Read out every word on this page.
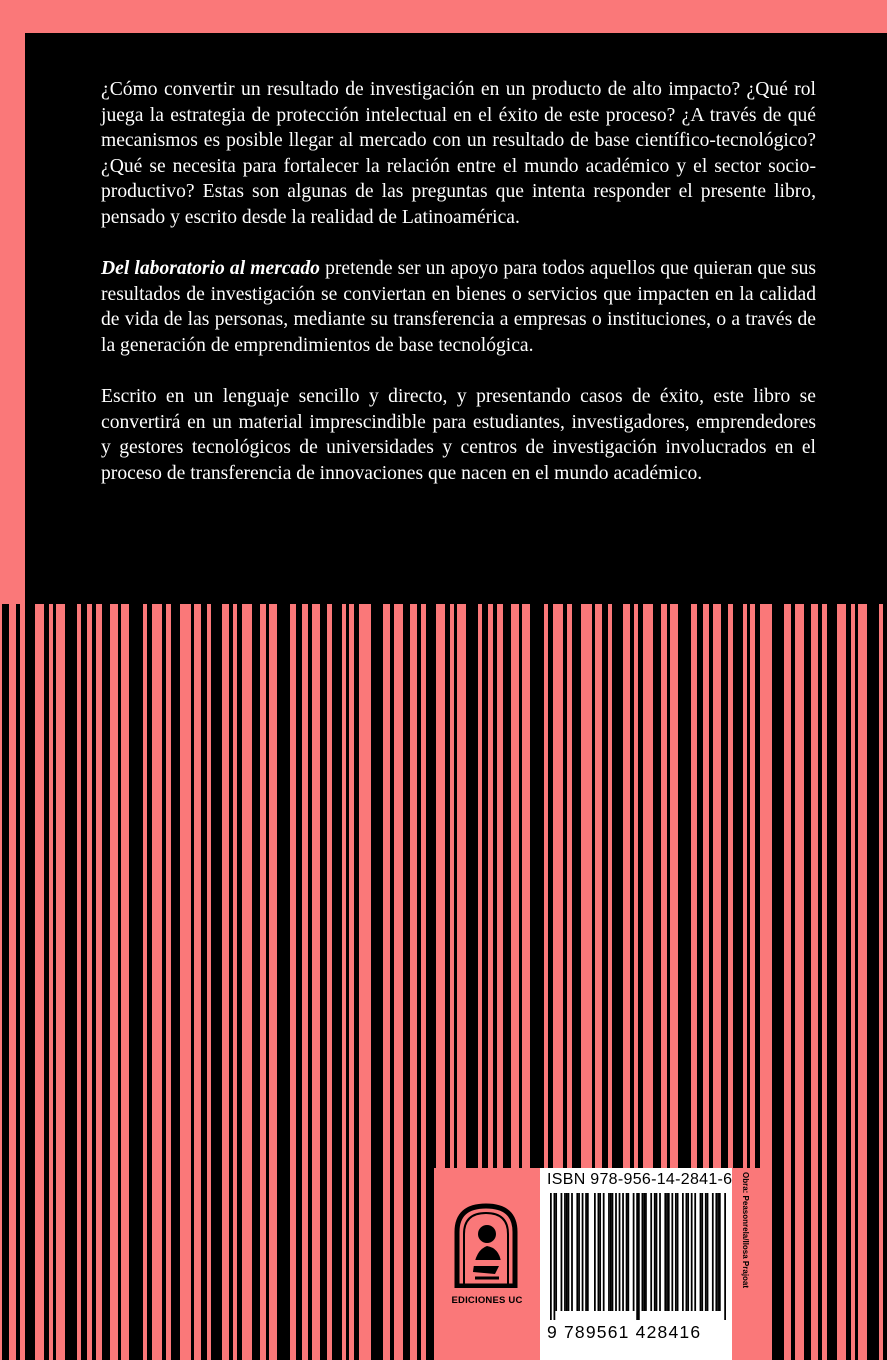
¿Cómo convertir un resultado de investigación en un producto de alto impacto? ¿Qué rol juega la estrategia de protección intelectual en el éxito de este proceso? ¿A través de qué mecanismos es posible llegar al mercado con un resultado de base científico-tecnológico? ¿Qué se necesita para fortalecer la relación entre el mundo académico y el sector socio-productivo? Estas son algunas de las preguntas que intenta responder el presente libro, pensado y escrito desde la realidad de Latinoamérica.

Del laboratorio al mercado pretende ser un apoyo para todos aquellos que quieran que sus resultados de investigación se conviertan en bienes o servicios que impacten en la calidad de vida de las personas, mediante su transferencia a empresas o instituciones, o a través de la generación de emprendimientos de base tecnológica.

Escrito en un lenguaje sencillo y directo, y presentando casos de éxito, este libro se convertirá en un material imprescindible para estudiantes, investigadores, emprendedores y gestores tecnológicos de universidades y centros de investigación involucrados en el proceso de transferencia de innovaciones que nacen en el mundo académico.

EDICIONES UC
ISBN 978-956-14-2841-6
9 789561 428416
Obra: Peasonrela/Ilosa Prajoat
